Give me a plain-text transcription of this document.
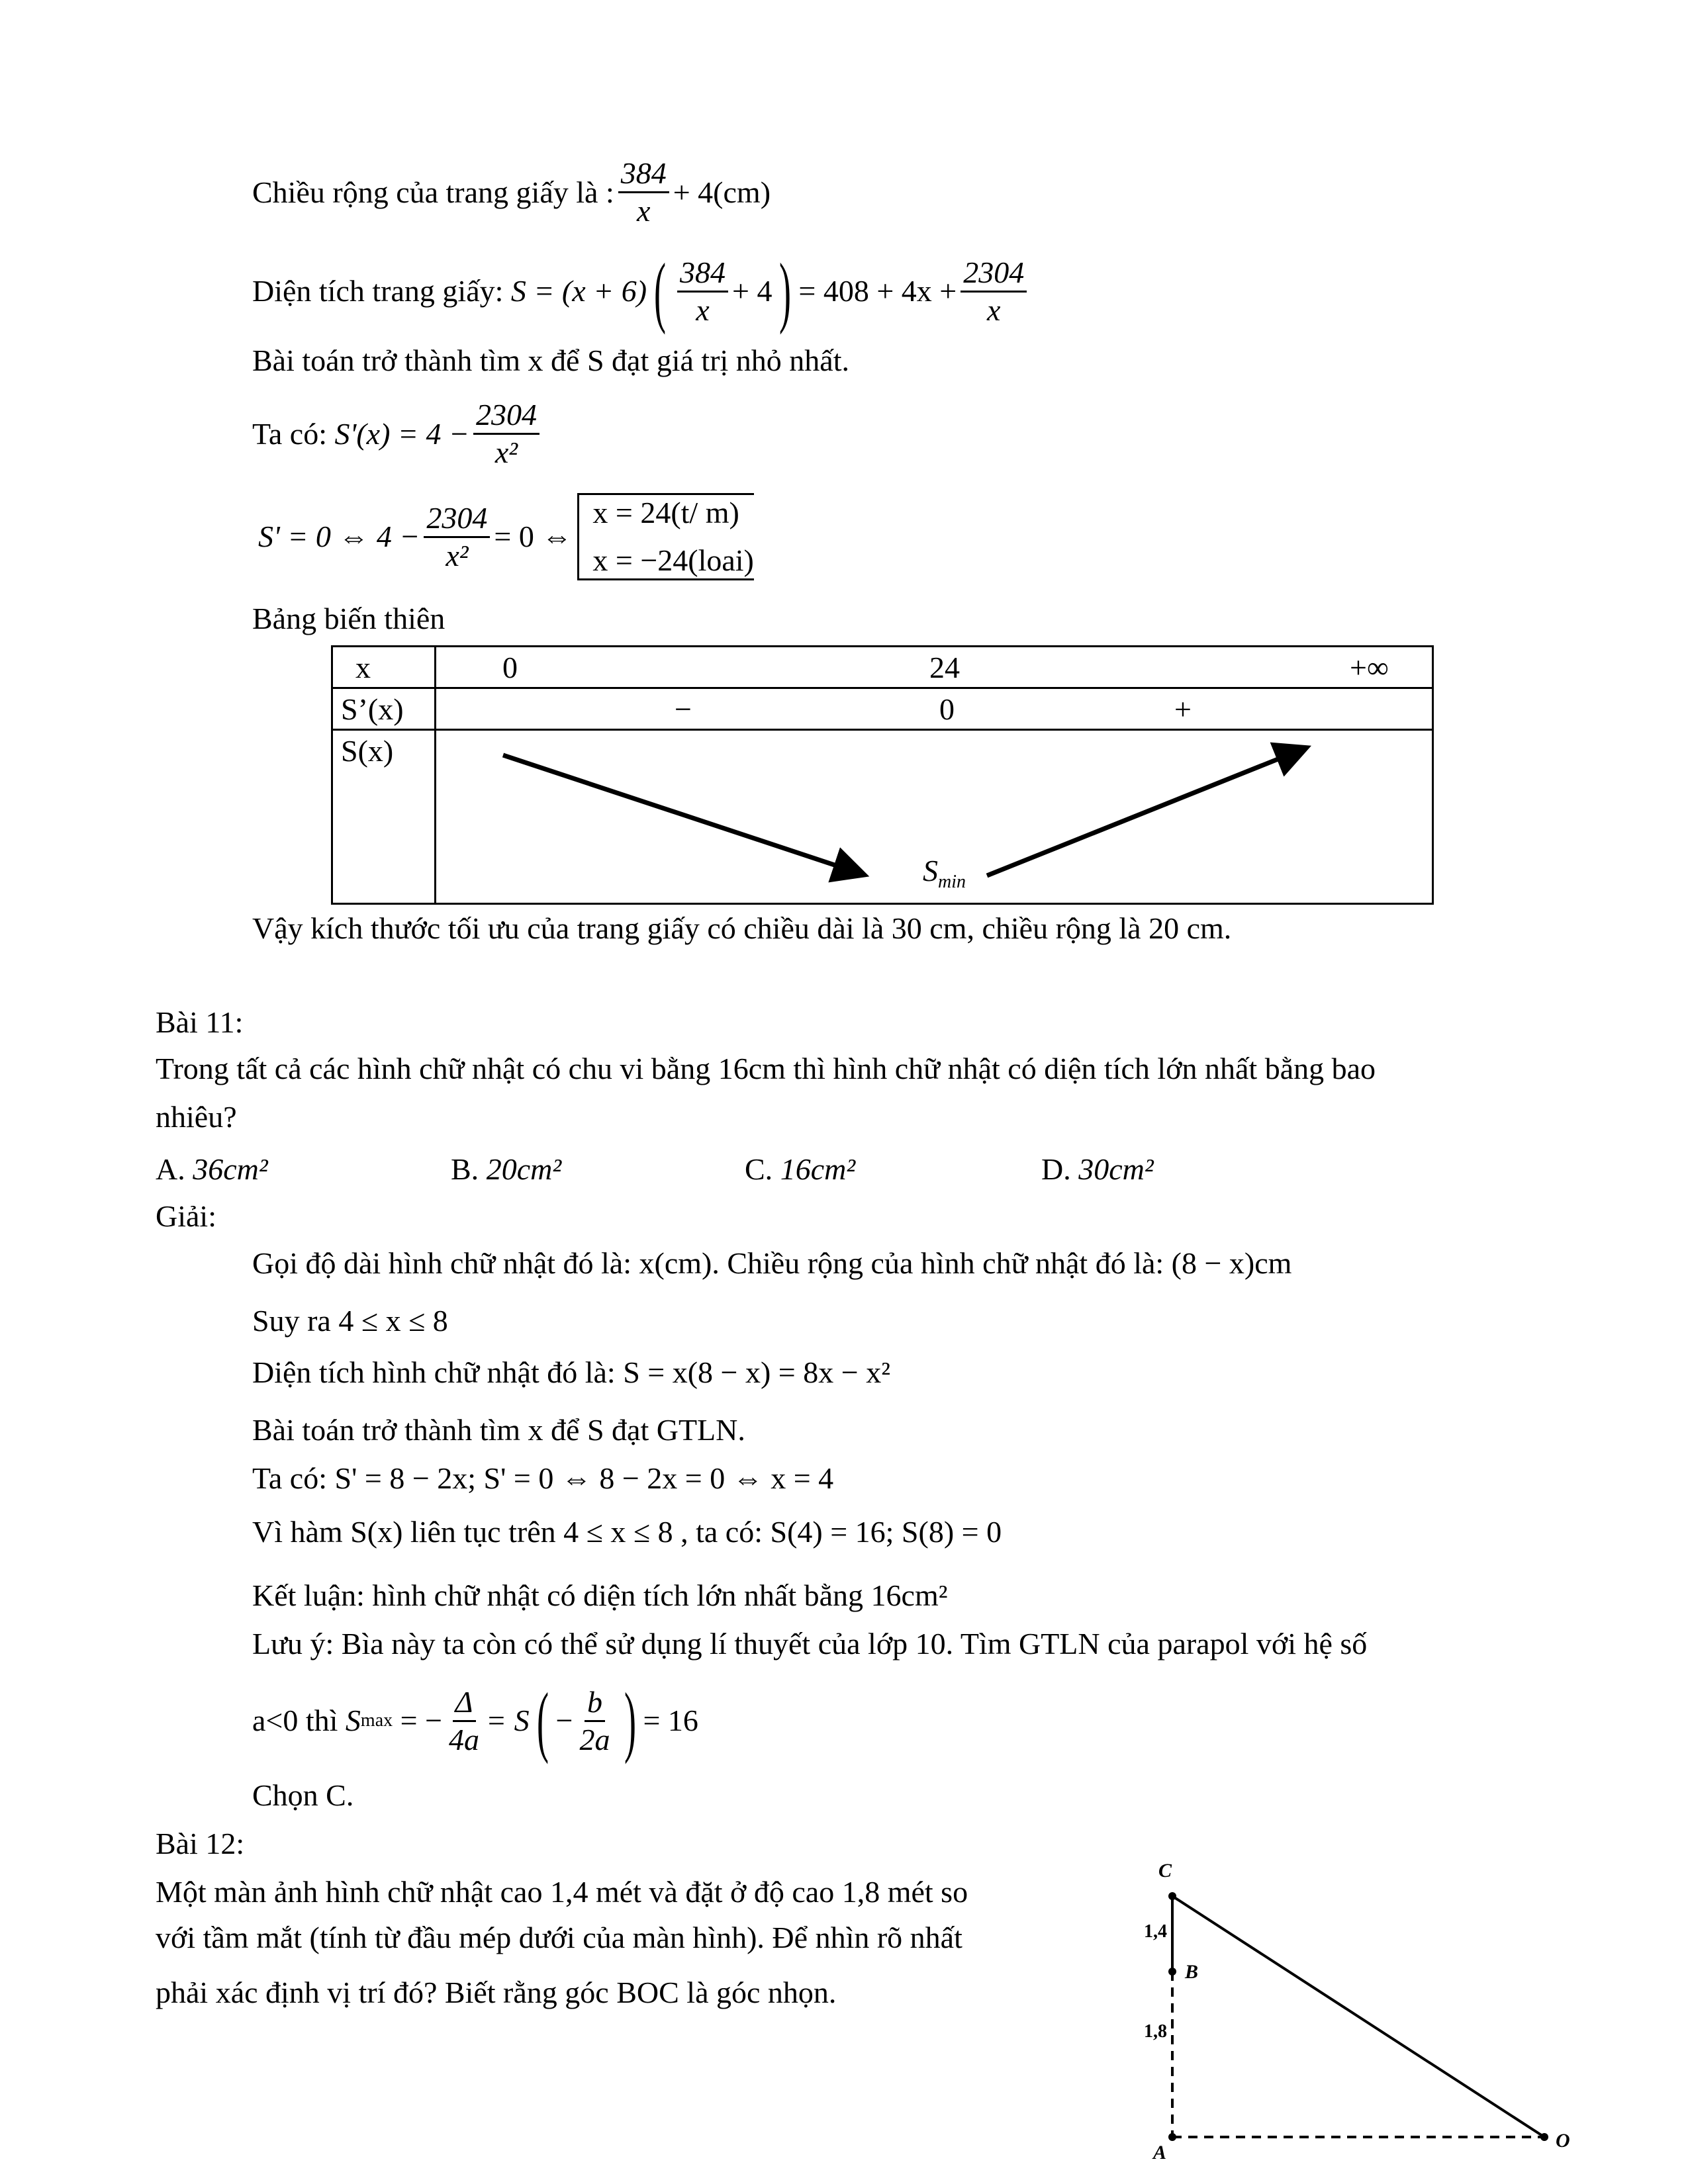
Chiều rộng của trang giấy là : $\frac{384}{x} + 4(cm)$
Diện tích trang giấy:
S = (x + 6) ( $\frac{384}{x} + 4$ ) = $408 + 4x + \frac{2304}{x}$
Bài toán trở thành tìm x để S đạt giá trị nhỏ nhất.
Ta có:
$S'(x) = 4 - \frac{2304}{\text{x²}}$
S' = 0 ⇔ $4 - \frac{2304}{\text{x²}} = 0$ ⇔
x = 24(t/ m)
x = −24(loai)
Bảng biến thiên
x	0 24 +∞

S’(x)	− 0 +

S(x)	$S_{min}$
Vậy kích thước tối ưu của trang giấy có chiều dài là 30 cm, chiều rộng là 20 cm.
Bài 11:
Trong tất cả các hình chữ nhật có chu vi bằng 16cm thì hình chữ nhật có diện tích lớn nhất bằng bao
nhiêu?
A.
36cm²	B.
20cm²	C.
16cm²	D.
30cm²
Giải:
Gọi độ dài hình chữ nhật đó là: x(cm). Chiều rộng của hình chữ nhật đó là: (8 − x)cm
Suy ra 4 ≤ x ≤ 8
Diện tích hình chữ nhật đó là: S = x(8 − x) = 8x − x²
Bài toán trở thành tìm x để S đạt GTLN.
Ta có: S' = 8 − 2x; S' = 0 ⇔ 8 − 2x = 0 ⇔ x = 4
Vì hàm S(x) liên tục trên 4 ≤ x ≤ 8 , ta có: S(4) = 16; S(8) = 0
Kết luận: hình chữ nhật có diện tích lớn nhất bằng 16cm²
Lưu ý: Bìa này ta còn có thể sử dụng lí thuyết của lớp 10. Tìm GTLN của parapol với hệ số
a<0 thì
S max
= − $\frac{\Delta}{4a} = S$ ( − $\frac{b}{2a}$ ) = 16
Chọn C.
Bài 12:
Một màn ảnh hình chữ nhật cao 1,4 mét và đặt ở độ cao 1,8 mét so
với tầm mắt (tính từ đầu mép dưới của màn hình). Để nhìn rõ nhất
phải xác định vị trí đó? Biết rằng góc BOC là góc nhọn.
C
B
A
O
1,4
1,8
